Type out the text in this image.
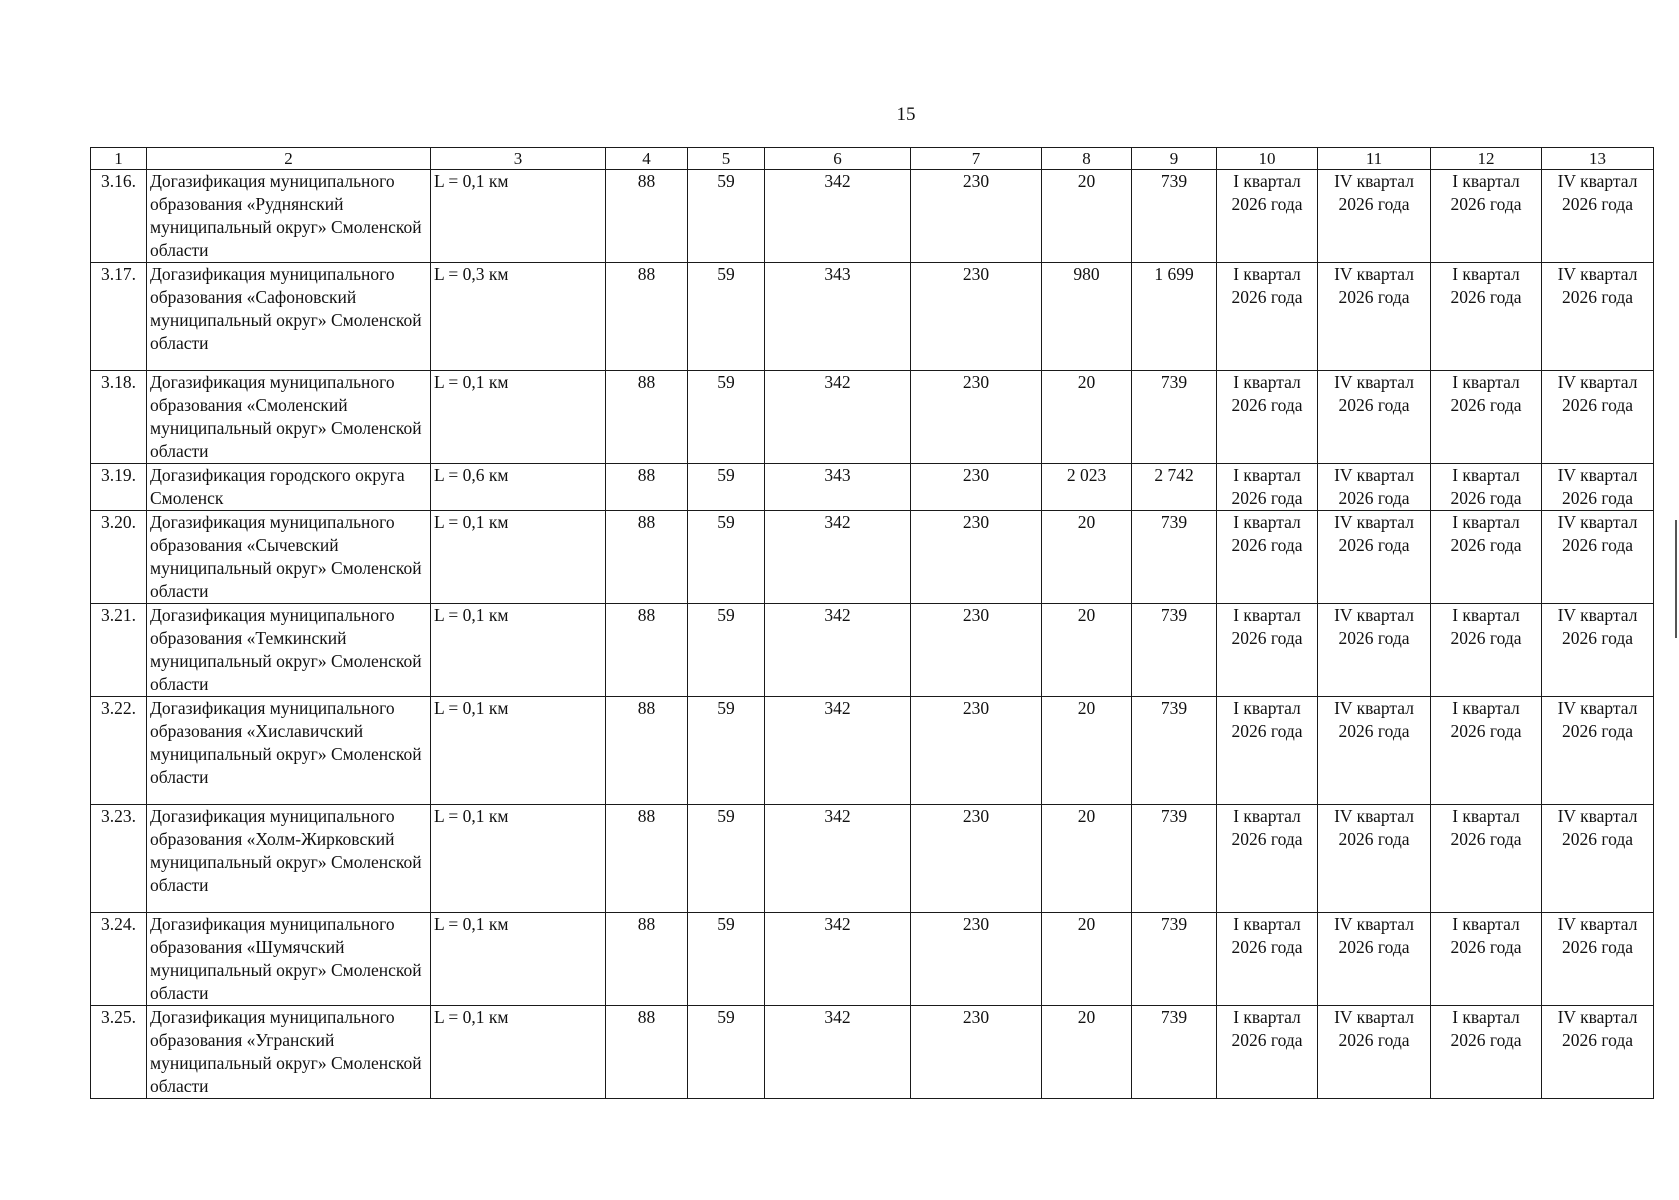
15
1	2	3	4	5	6	7	8	9	10	11	12	13
3.16.	Догазификация муниципального образования «Руднянский муниципальный округ» Смоленской области	L = 0,1 км	88	59	342	230	20	739	I квартал 2026 года	IV квартал 2026 года	I квартал 2026 года	IV квартал 2026 года
3.17.	Догазификация муниципального образования «Сафоновский муниципальный округ» Смоленской области	L = 0,3 км	88	59	343	230	980	1 699	I квартал 2026 года	IV квартал 2026 года	I квартал 2026 года	IV квартал 2026 года
3.18.	Догазификация муниципального образования «Смоленский муниципальный округ» Смоленской области	L = 0,1 км	88	59	342	230	20	739	I квартал 2026 года	IV квартал 2026 года	I квартал 2026 года	IV квартал 2026 года
3.19.	Догазификация городского округа Смоленск	L = 0,6 км	88	59	343	230	2 023	2 742	I квартал 2026 года	IV квартал 2026 года	I квартал 2026 года	IV квартал 2026 года
3.20.	Догазификация муниципального образования «Сычевский муниципальный округ» Смоленской области	L = 0,1 км	88	59	342	230	20	739	I квартал 2026 года	IV квартал 2026 года	I квартал 2026 года	IV квартал 2026 года
3.21.	Догазификация муниципального образования «Темкинский муниципальный округ» Смоленской области	L = 0,1 км	88	59	342	230	20	739	I квартал 2026 года	IV квартал 2026 года	I квартал 2026 года	IV квартал 2026 года
3.22.	Догазификация муниципального образования «Хиславичский муниципальный округ» Смоленской области	L = 0,1 км	88	59	342	230	20	739	I квартал 2026 года	IV квартал 2026 года	I квартал 2026 года	IV квартал 2026 года
3.23.	Догазификация муниципального образования «Холм-Жирковский муниципальный округ» Смоленской области	L = 0,1 км	88	59	342	230	20	739	I квартал 2026 года	IV квартал 2026 года	I квартал 2026 года	IV квартал 2026 года
3.24.	Догазификация муниципального образования «Шумячский муниципальный округ» Смоленской области	L = 0,1 км	88	59	342	230	20	739	I квартал 2026 года	IV квартал 2026 года	I квартал 2026 года	IV квартал 2026 года
3.25.	Догазификация муниципального образования «Угранский муниципальный округ» Смоленской области	L = 0,1 км	88	59	342	230	20	739	I квартал 2026 года	IV квартал 2026 года	I квартал 2026 года	IV квартал 2026 года
